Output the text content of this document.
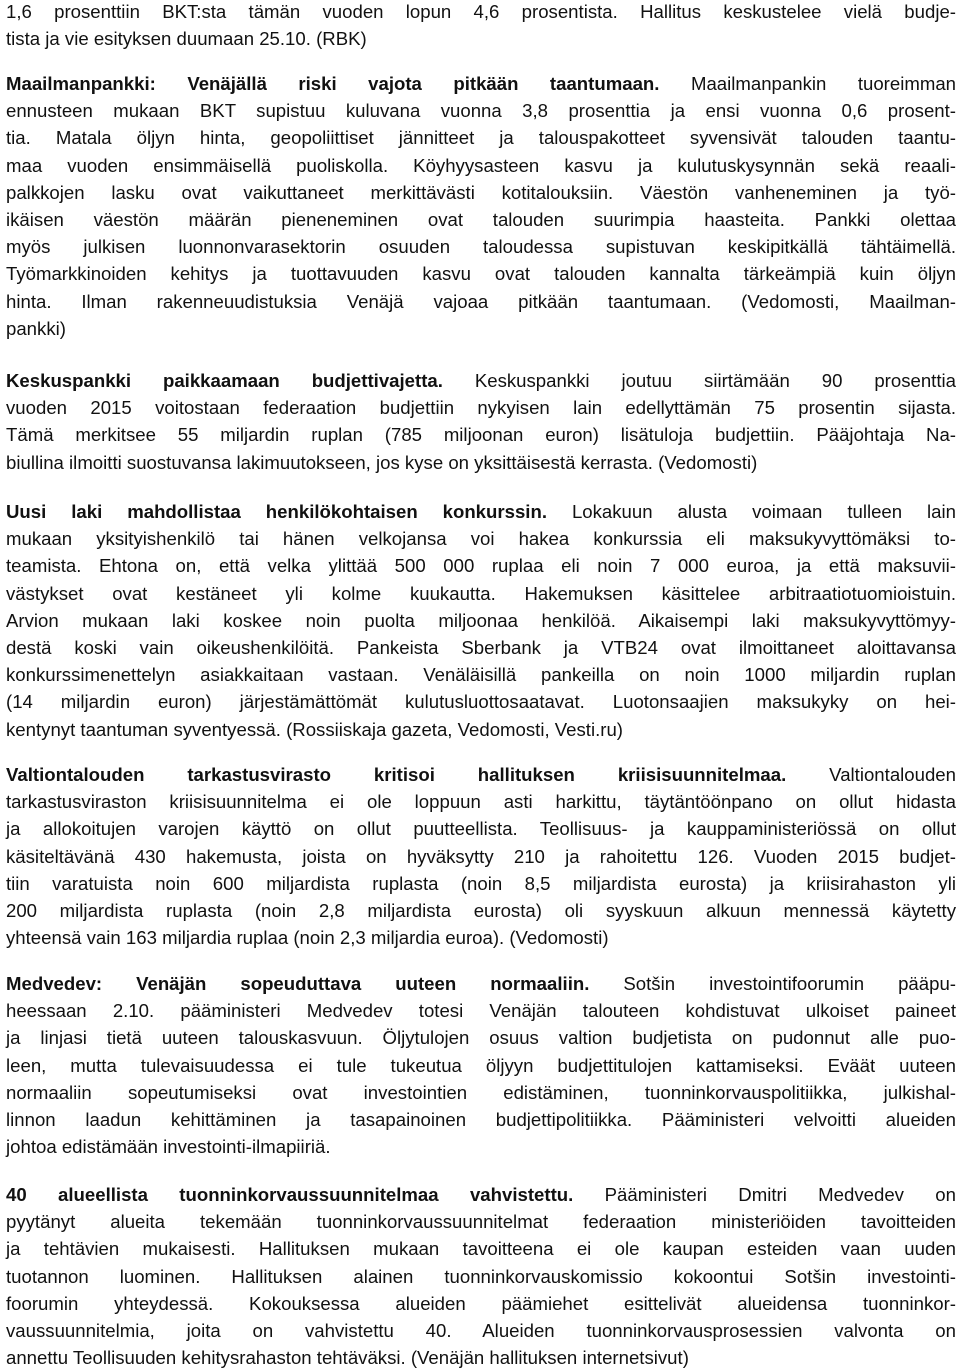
1,6 prosenttiin BKT:sta tämän vuoden lopun 4,6 prosentista. Hallitus keskustelee vielä budje-
tista ja vie esityksen duumaan 25.10. (RBK)

Maailmanpankki: Venäjällä riski vajota pitkään taantumaan. Maailmanpankin tuoreimman
ennusteen mukaan BKT supistuu kuluvana vuonna 3,8 prosenttia ja ensi vuonna 0,6 prosent-
tia. Matala öljyn hinta, geopoliittiset jännitteet ja talouspakotteet syvensivät talouden taantu-
maa vuoden ensimmäisellä puoliskolla. Köyhyysasteen kasvu ja kulutuskysynnän sekä reaali-
palkkojen lasku ovat vaikuttaneet merkittävästi kotitalouksiin. Väestön vanheneminen ja työ-
ikäisen väestön määrän pieneneminen ovat talouden suurimpia haasteita. Pankki olettaa
myös julkisen luonnonvarasektorin osuuden taloudessa supistuvan keskipitkällä tähtäimellä.
Työmarkkinoiden kehitys ja tuottavuuden kasvu ovat talouden kannalta tärkeämpiä kuin öljyn
hinta. Ilman rakenneuudistuksia Venäjä vajoaa pitkään taantumaan. (Vedomosti, Maailman-
pankki)

Keskuspankki paikkaamaan budjettivajetta. Keskuspankki joutuu siirtämään 90 prosenttia
vuoden 2015 voitostaan federaation budjettiin nykyisen lain edellyttämän 75 prosentin sijasta.
Tämä merkitsee 55 miljardin ruplan (785 miljoonan euron) lisätuloja budjettiin. Pääjohtaja Na-
biullina ilmoitti suostuvansa lakimuutokseen, jos kyse on yksittäisestä kerrasta. (Vedomosti)

Uusi laki mahdollistaa henkilökohtaisen konkurssin. Lokakuun alusta voimaan tulleen lain
mukaan yksityishenkilö tai hänen velkojansa voi hakea konkurssia eli maksukyvyttömäksi to-
teamista. Ehtona on, että velka ylittää 500 000 ruplaa eli noin 7 000 euroa, ja että maksuvii-
västykset ovat kestäneet yli kolme kuukautta. Hakemuksen käsittelee arbitraatiotuomioistuin.
Arvion mukaan laki koskee noin puolta miljoonaa henkilöä. Aikaisempi laki maksukyvyttömyy-
destä koski vain oikeushenkilöitä. Pankeista Sberbank ja VTB24 ovat ilmoittaneet aloittavansa
konkurssimenettelyn asiakkaitaan vastaan. Venäläisillä pankeilla on noin 1000 miljardin ruplan
(14 miljardin euron) järjestämättömät kulutusluottosaatavat. Luotonsaajien maksukyky on hei-
kentynyt taantuman syventyessä. (Rossiiskaja gazeta, Vedomosti, Vesti.ru)

Valtiontalouden tarkastusvirasto kritisoi hallituksen kriisisuunnitelmaa. Valtiontalouden
tarkastusviraston kriisisuunnitelma ei ole loppuun asti harkittu, täytäntöönpano on ollut hidasta
ja allokoitujen varojen käyttö on ollut puutteellista. Teollisuus- ja kauppaministeriössä on ollut
käsiteltävänä 430 hakemusta, joista on hyväksytty 210 ja rahoitettu 126. Vuoden 2015 budjet-
tiin varatuista noin 600 miljardista ruplasta (noin 8,5 miljardista eurosta) ja kriisirahaston yli
200 miljardista ruplasta (noin 2,8 miljardista eurosta) oli syyskuun alkuun mennessä käytetty
yhteensä vain 163 miljardia ruplaa (noin 2,3 miljardia euroa). (Vedomosti)

Medvedev: Venäjän sopeuduttava uuteen normaaliin. Sotšin investointifoorumin pääpu-
heessaan 2.10. pääministeri Medvedev totesi Venäjän talouteen kohdistuvat ulkoiset paineet
ja linjasi tietä uuteen talouskasvuun. Öljytulojen osuus valtion budjetista on pudonnut alle puo-
leen, mutta tulevaisuudessa ei tule tukeutua öljyyn budjettitulojen kattamiseksi. Eväät uuteen
normaaliin sopeutumiseksi ovat investointien edistäminen, tuonninkorvauspolitiikka, julkishal-
linnon laadun kehittäminen ja tasapainoinen budjettipolitiikka. Pääministeri velvoitti alueiden
johtoa edistämään investointi-ilmapiiriä.

40 alueellista tuonninkorvaussuunnitelmaa vahvistettu. Pääministeri Dmitri Medvedev on
pyytänyt alueita tekemään tuonninkorvaussuunnitelmat federaation ministeriöiden tavoitteiden
ja tehtävien mukaisesti. Hallituksen mukaan tavoitteena ei ole kaupan esteiden vaan uuden
tuotannon luominen. Hallituksen alainen tuonninkorvauskomissio kokoontui Sotšin investointi-
foorumin yhteydessä. Kokouksessa alueiden päämiehet esittelivät alueidensa tuonninkor-
vaussuunnitelmia, joita on vahvistettu 40. Alueiden tuonninkorvausprosessien valvonta on
annettu Teollisuuden kehitysrahaston tehtäväksi. (Venäjän hallituksen internetsivut)
